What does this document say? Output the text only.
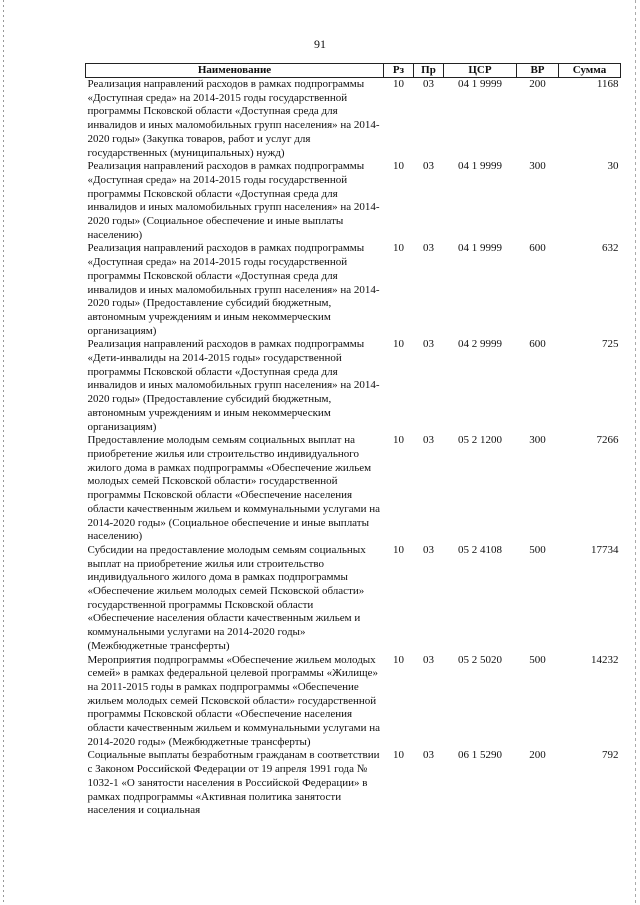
91
Наименование	Рз	Пр	ЦСР	ВР	Сумма
Реализация направлений расходов в рамках подпрограммы «Доступная среда» на 2014-2015 годы государственной программы Псковской области «Доступная среда для инвалидов и иных маломобильных групп населения» на 2014-2020 годы» (Закупка товаров, работ и услуг для государственных (муниципальных) нужд)	10	03	04 1 9999	200	1168
Реализация направлений расходов в рамках подпрограммы «Доступная среда» на 2014-2015 годы государственной программы Псковской области «Доступная среда для инвалидов и иных маломобильных групп населения» на 2014-2020 годы» (Социальное обеспечение и иные выплаты населению)	10	03	04 1 9999	300	30
Реализация направлений расходов в рамках подпрограммы «Доступная среда» на 2014-2015 годы государственной программы Псковской области «Доступная среда для инвалидов и иных маломобильных групп населения» на 2014-2020 годы» (Предоставление субсидий бюджетным, автономным учреждениям и иным некоммерческим организациям)	10	03	04 1 9999	600	632
Реализация направлений расходов в рамках подпрограммы «Дети-инвалиды на 2014-2015 годы» государственной программы Псковской области «Доступная среда для инвалидов и иных маломобильных групп населения» на 2014-2020 годы» (Предоставление субсидий бюджетным, автономным учреждениям и иным некоммерческим организациям)	10	03	04 2 9999	600	725
Предоставление молодым семьям социальных выплат на приобретение жилья или строительство индивидуального жилого дома в рамках подпрограммы «Обеспечение жильем молодых семей Псковской области» государственной программы Псковской области «Обеспечение населения области качественным жильем и коммунальными услугами на 2014-2020 годы» (Социальное обеспечение и иные выплаты населению)	10	03	05 2 1200	300	7266
Субсидии на предоставление молодым семьям социальных выплат на приобретение жилья или строительство индивидуального жилого дома в рамках подпрограммы «Обеспечение жильем молодых семей Псковской области» государственной программы Псковской области «Обеспечение населения области качественным жильем и коммунальными услугами на 2014-2020 годы» (Межбюджетные трансферты)	10	03	05 2 4108	500	17734
Мероприятия подпрограммы «Обеспечение жильем молодых семей» в рамках федеральной целевой программы «Жилище» на 2011-2015 годы в рамках подпрограммы «Обеспечение жильем молодых семей Псковской области» государственной программы Псковской области «Обеспечение населения области качественным жильем и коммунальными услугами на 2014-2020 годы» (Межбюджетные трансферты)	10	03	05 2 5020	500	14232
Социальные выплаты безработным гражданам в соответствии с Законом Российской Федерации от 19 апреля 1991 года № 1032-1 «О занятости населения в Российской Федерации» в рамках подпрограммы «Активная политика занятости населения и социальная	10	03	06 1 5290	200	792
